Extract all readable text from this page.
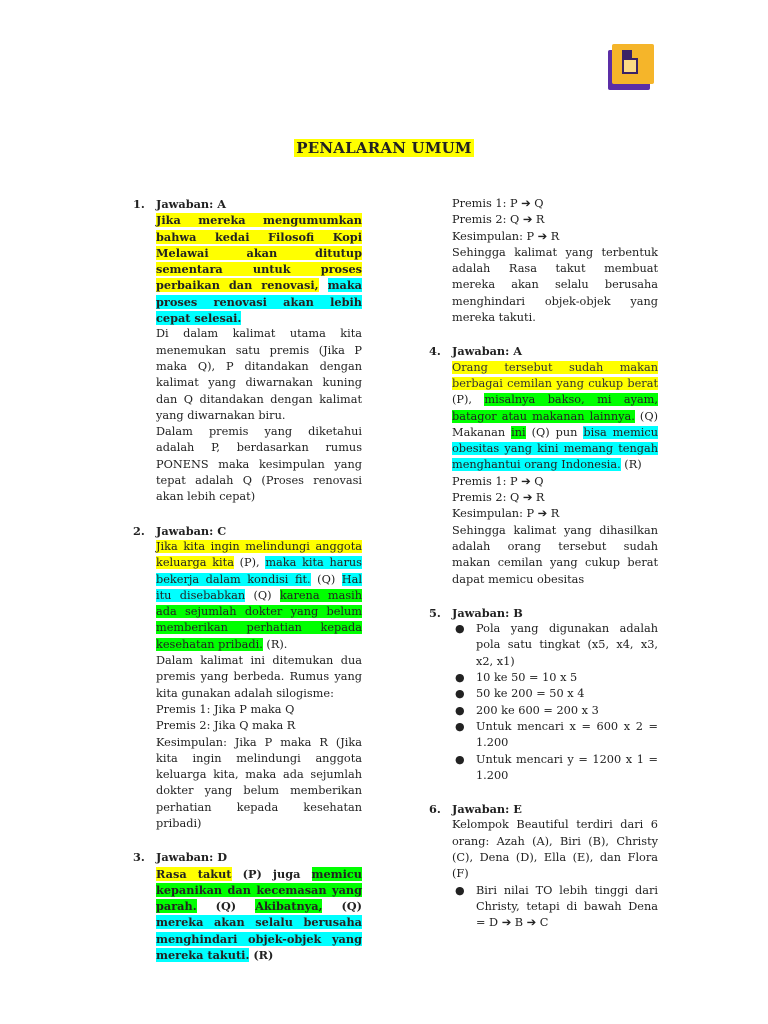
PENALARAN UMUM
1. Jawaban: A
Jika mereka mengumumkan bahwa kedai Filosofi Kopi Melawai akan ditutup sementara untuk proses perbaikan dan renovasi, maka proses renovasi akan lebih cepat selesai.
Di dalam kalimat utama kita menemukan satu premis (Jika P maka Q), P ditandakan dengan kalimat yang diwarnakan kuning dan Q ditandakan dengan kalimat yang diwarnakan biru.
Dalam premis yang diketahui adalah P, berdasarkan rumus PONENS maka kesimpulan yang tepat adalah Q (Proses renovasi akan lebih cepat)
2. Jawaban: C
Jika kita ingin melindungi anggota keluarga kita (P), maka kita harus bekerja dalam kondisi fit. (Q) Hal itu disebabkan (Q) karena masih ada sejumlah dokter yang belum memberikan perhatian kepada kesehatan pribadi. (R).
Dalam kalimat ini ditemukan dua premis yang berbeda. Rumus yang kita gunakan adalah silogisme:
Premis 1: Jika P maka Q
Premis 2: Jika Q maka R
Kesimpulan: Jika P maka R (Jika kita ingin melindungi anggota keluarga kita, maka ada sejumlah dokter yang belum memberikan perhatian kepada kesehatan pribadi)
3. Jawaban: D
Rasa takut (P) juga memicu kepanikan dan kecemasan yang parah. (Q) Akibatnya, (Q) mereka akan selalu berusaha menghindari objek-objek yang mereka takuti. (R)
Premis 1: P ➔ Q
Premis 2: Q ➔ R
Kesimpulan: P ➔ R
Sehingga kalimat yang terbentuk adalah Rasa takut membuat mereka akan selalu berusaha menghindari objek-objek yang mereka takuti.
4. Jawaban: A
Orang tersebut sudah makan berbagai cemilan yang cukup berat (P), misalnya bakso, mi ayam, batagor atau makanan lainnya. (Q) Makanan ini (Q) pun bisa memicu obesitas yang kini memang tengah menghantui orang Indonesia. (R)
Premis 1: P ➔ Q
Premis 2: Q ➔ R
Kesimpulan: P ➔ R
Sehingga kalimat yang dihasilkan adalah orang tersebut sudah makan cemilan yang cukup berat dapat memicu obesitas
5. Jawaban: B
● Pola yang digunakan adalah pola satu tingkat (x5, x4, x3, x2, x1)
● 10 ke 50 = 10 x 5
● 50 ke 200 = 50 x 4
● 200 ke 600 = 200 x 3
● Untuk mencari x = 600 x 2 = 1.200
● Untuk mencari y = 1200 x 1 = 1.200
6. Jawaban: E
Kelompok Beautiful terdiri dari 6 orang: Azah (A), Biri (B), Christy (C), Dena (D), Ella (E), dan Flora (F)
● Biri nilai TO lebih tinggi dari Christy, tetapi di bawah Dena = D ➔ B ➔ C
